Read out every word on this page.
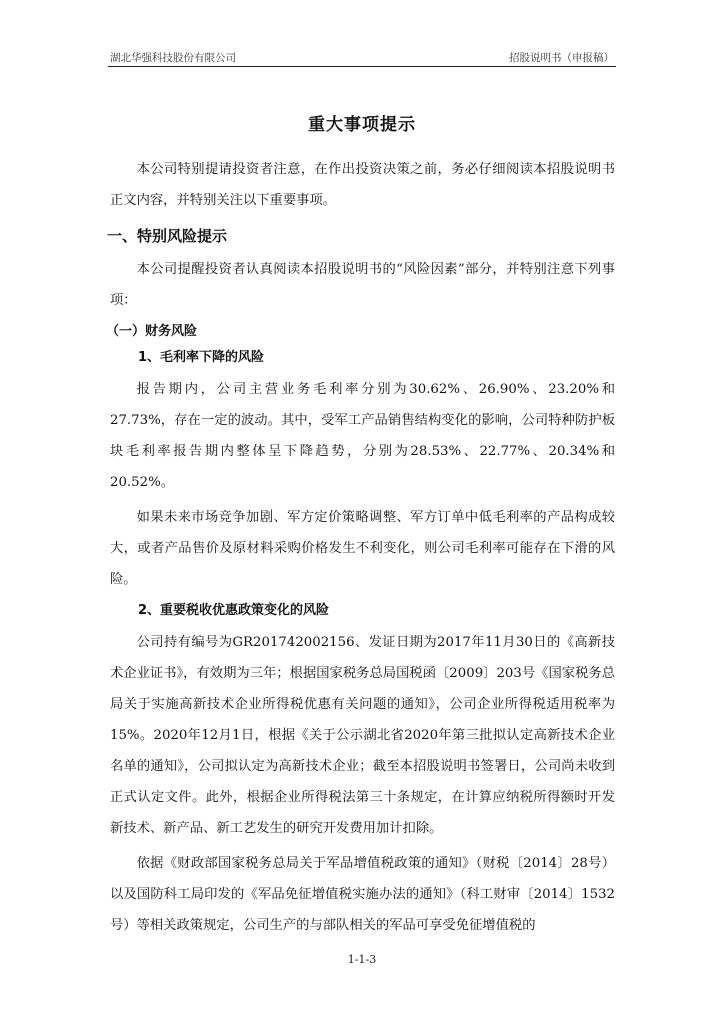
湖北华强科技股份有限公司	招股说明书（申报稿）
重大事项提示

本公司特别提请投资者注意，在作出投资决策之前，务必仔细阅读本招股说明书正文内容，并特别关注以下重要事项。

一、特别风险提示

本公司提醒投资者认真阅读本招股说明书的“风险因素”部分，并特别注意下列事项：

（一）财务风险
1、毛利率下降的风险

报告期内，公司主营业务毛利率分别为30.62%、26.90%、23.20%和27.73%，存在一定的波动。其中，受军工产品销售结构变化的影响，公司特种防护板块毛利率报告期内整体呈下降趋势，分别为28.53%、22.77%、20.34%和20.52%。

如果未来市场竞争加剧、军方定价策略调整、军方订单中低毛利率的产品构成较大，或者产品售价及原材料采购价格发生不利变化，则公司毛利率可能存在下滑的风险。

2、重要税收优惠政策变化的风险

公司持有编号为GR201742002156、发证日期为2017年11月30日的《高新技术企业证书》，有效期为三年；根据国家税务总局国税函〔2009〕203号《国家税务总局关于实施高新技术企业所得税优惠有关问题的通知》，公司企业所得税适用税率为15%。2020年12月1日，根据《关于公示湖北省2020年第三批拟认定高新技术企业名单的通知》，公司拟认定为高新技术企业；截至本招股说明书签署日，公司尚未收到正式认定文件。此外，根据企业所得税法第三十条规定，在计算应纳税所得额时开发新技术、新产品、新工艺发生的研究开发费用加计扣除。

依据《财政部国家税务总局关于军品增值税政策的通知》（财税〔2014〕28号）以及国防科工局印发的《军品免征增值税实施办法的通知》（科工财审〔2014〕1532号）等相关政策规定，公司生产的与部队相关的军品可享受免征增值税的

1-1-3
